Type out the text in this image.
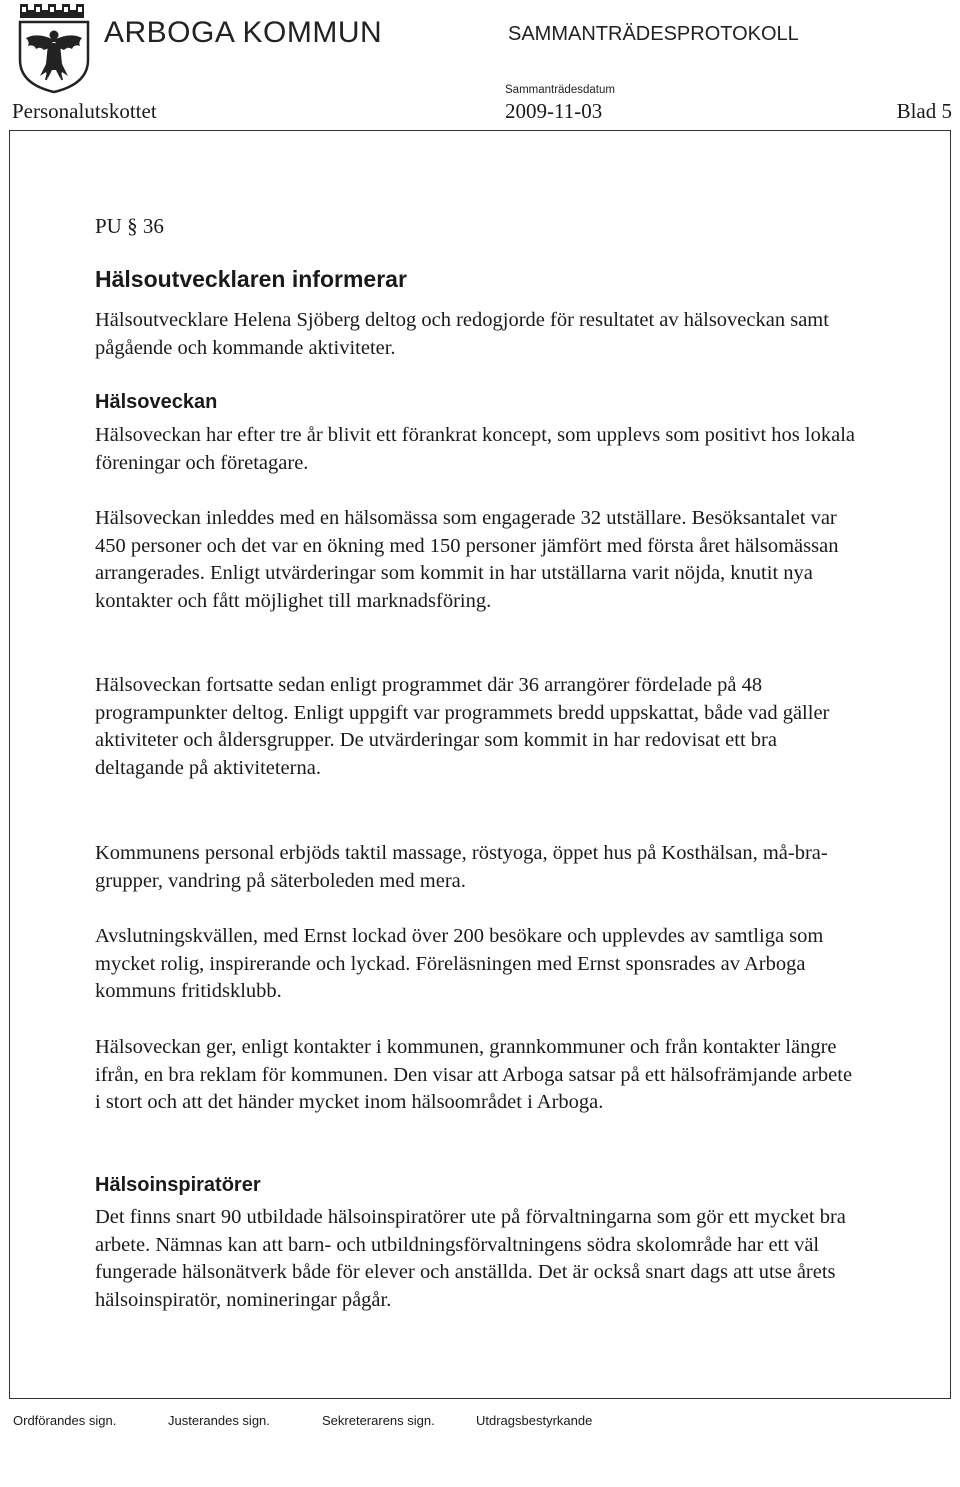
ARBOGA KOMMUN	SAMMANTRÄDESPROTOKOLL
Sammanträdesdatum
Personalutskottet	2009-11-03	Blad 5
PU § 36
Hälsoutvecklaren informerar

Hälsoutvecklare Helena Sjöberg deltog och redogjorde för resultatet av hälsoveckan samt pågående och kommande aktiviteter.

Hälsoveckan

Hälsoveckan har efter tre år blivit ett förankrat koncept, som upplevs som positivt hos lokala föreningar och företagare.

Hälsoveckan inleddes med en hälsomässa som engagerade 32 utställare. Besöksantalet var 450 personer och det var en ökning med 150 personer jämfört med första året hälsomässan arrangerades. Enligt utvärderingar som kommit in har utställarna varit nöjda, knutit nya kontakter och fått möjlighet till marknadsföring.

Hälsoveckan fortsatte sedan enligt programmet där 36 arrangörer fördelade på 48 programpunkter deltog. Enligt uppgift var programmets bredd uppskattat, både vad gäller aktiviteter och åldersgrupper. De utvärderingar som kommit in har redovisat ett bra deltagande på aktiviteterna.

Kommunens personal erbjöds taktil massage, röstyoga, öppet hus på Kosthälsan, må-bra-grupper, vandring på säterboleden med mera.

Avslutningskvällen, med Ernst lockad över 200 besökare och upplevdes av samtliga som mycket rolig, inspirerande och lyckad. Föreläsningen med Ernst sponsrades av Arboga kommuns fritidsklubb.

Hälsoveckan ger, enligt kontakter i kommunen, grannkommuner och från kontakter längre ifrån, en bra reklam för kommunen. Den visar att Arboga satsar på ett hälsofrämjande arbete i stort och att det händer mycket inom hälsoområdet i Arboga.

Hälsoinspiratörer

Det finns snart 90 utbildade hälsoinspiratörer ute på förvaltningarna som gör ett mycket bra arbete. Nämnas kan att barn- och utbildningsförvaltningens södra skolområde har ett väl fungerade hälsonätverk både för elever och anställda. Det är också snart dags att utse årets hälsoinspiratör, nomineringar pågår.

Ordförandes sign.	Justerandes sign.	Sekreterarens sign.	Utdragsbestyrkande
